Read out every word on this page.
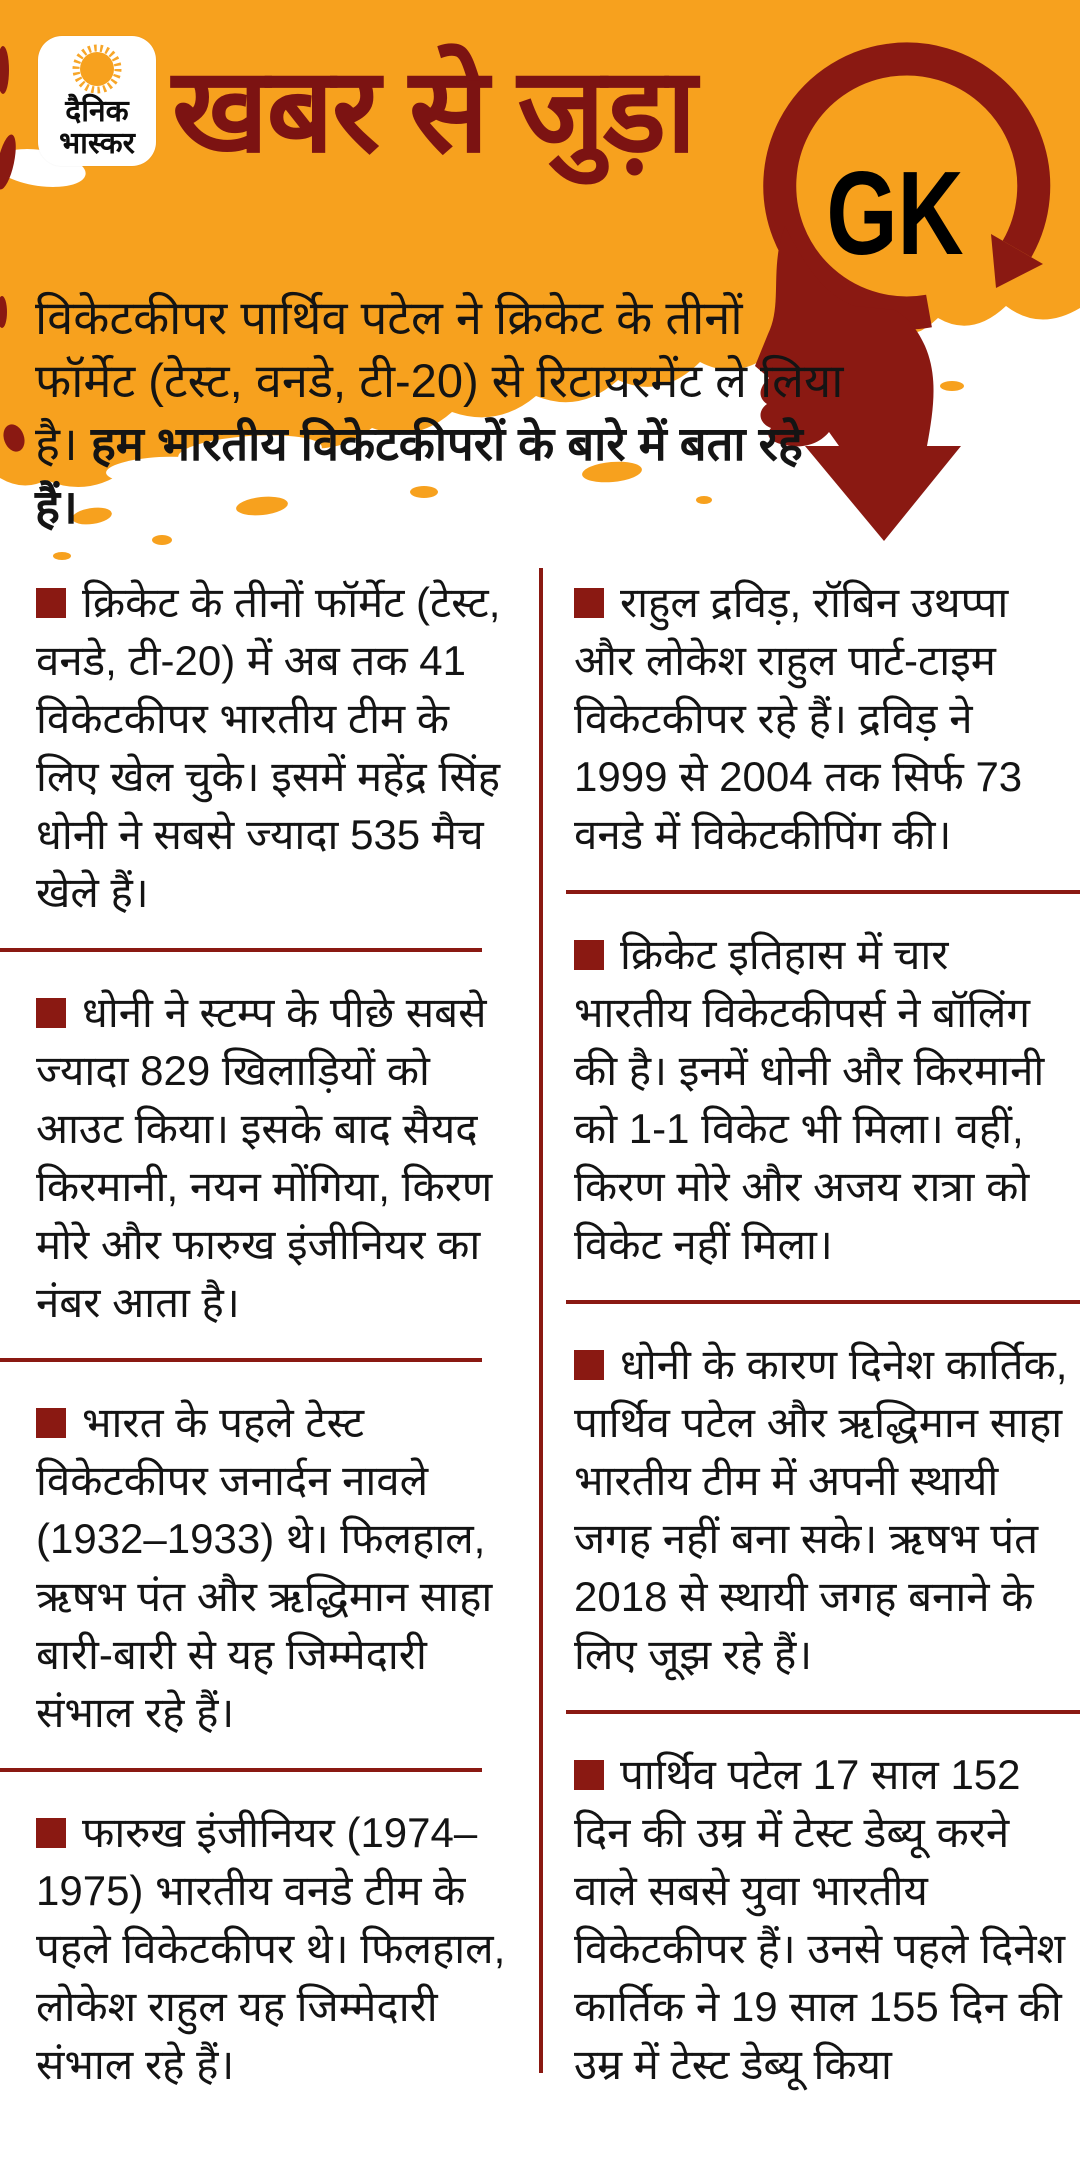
दैनिक
भास्कर खबर से जुड़ा
GK
विकेटकीपर पार्थिव पटेल ने क्रिकेट के तीनों फॉर्मेट (टेस्ट, वनडे, टी-20) से रिटायरमेंट ले लिया है। हम भारतीय विकेटकीपरों के बारे में बता रहे हैं।
क्रिकेट के तीनों फॉर्मेट (टेस्ट, वनडे, टी-20) में अब तक 41 विकेटकीपर भारतीय टीम के लिए खेल चुके। इसमें महेंद्र सिंह धोनी ने सबसे ज्यादा 535 मैच खेले हैं।
धोनी ने स्टम्प के पीछे सबसे ज्यादा 829 खिलाड़ियों को आउट किया। इसके बाद सैयद किरमानी, नयन मोंगिया, किरण मोरे और फारुख इंजीनियर का नंबर आता है।
भारत के पहले टेस्ट विकेटकीपर जनार्दन नावले (1932–1933) थे। फिलहाल, ऋषभ पंत और ऋद्धिमान साहा बारी-बारी से यह जिम्मेदारी संभाल रहे हैं।
फारुख इंजीनियर (1974–1975) भारतीय वनडे टीम के पहले विकेटकीपर थे। फिलहाल, लोकेश राहुल यह जिम्मेदारी संभाल रहे हैं।
राहुल द्रविड़, रॉबिन उथप्पा और लोकेश राहुल पार्ट-टाइम विकेटकीपर रहे हैं। द्रविड़ ने 1999 से 2004 तक सिर्फ 73 वनडे में विकेटकीपिंग की।
क्रिकेट इतिहास में चार भारतीय विकेटकीपर्स ने बॉलिंग की है। इनमें धोनी और किरमानी को 1-1 विकेट भी मिला। वहीं, किरण मोरे और अजय रात्रा को विकेट नहीं मिला।
धोनी के कारण दिनेश कार्तिक, पार्थिव पटेल और ऋद्धिमान साहा भारतीय टीम में अपनी स्थायी जगह नहीं बना सके। ऋषभ पंत 2018 से स्थायी जगह बनाने के लिए जूझ रहे हैं।
पार्थिव पटेल 17 साल 152 दिन की उम्र में टेस्ट डेब्यू करने वाले सबसे युवा भारतीय विकेटकीपर हैं। उनसे पहले दिनेश कार्तिक ने 19 साल 155 दिन की उम्र में टेस्ट डेब्यू किया
